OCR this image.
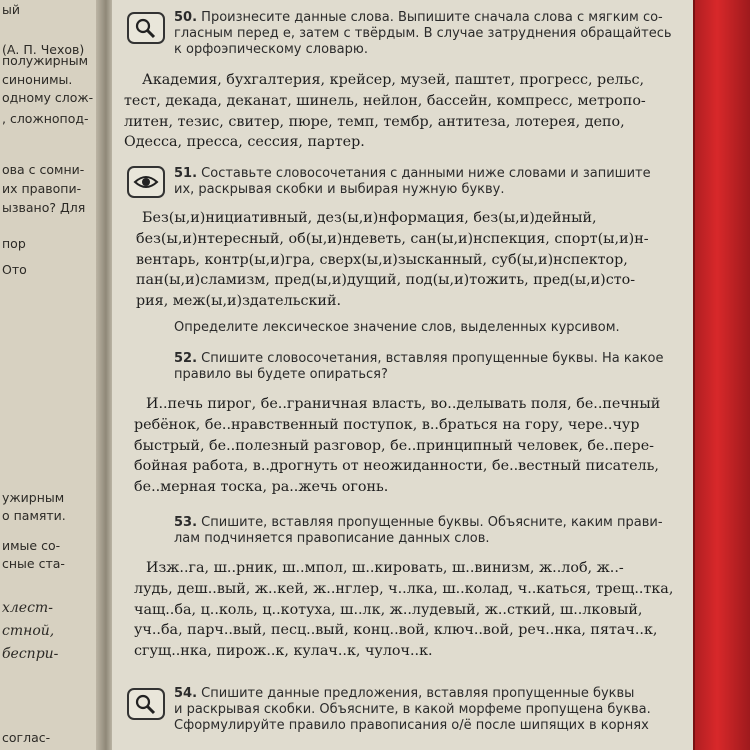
ый
(А. П. Чехов)
полужирным
синонимы.
одному слож-
, сложнопод-
ова с сомни-
их правопи-
ызвано? Для
пор
Ото
ужирным
о памяти.
имые со-
сные ста-
хлест-
стной,
беспри-
соглас-
50. Произнесите данные слова. Выпишите сначала слова с мягким со-
гласным перед е, затем с твёрдым. В случае затруднения обращайтесь
к орфоэпическому словарю.
Академия, бухгалтерия, крейсер, музей, паштет, прогресс, рельс,
тест, декада, деканат, шинель, нейлон, бассейн, компресс, метропо-
литен, тезис, свитер, пюре, темп, тембр, антитеза, лотерея, депо,
Одесса, пресса, сессия, партер.
51. Составьте словосочетания с данными ниже словами и запишите
их, раскрывая скобки и выбирая нужную букву.
Без(ы,и)нициативный, дез(ы,и)нформация, без(ы,и)дейный,
без(ы,и)нтересный, об(ы,и)ндеветь, сан(ы,и)нспекция, спорт(ы,и)н-
вентарь, контр(ы,и)гра, сверх(ы,и)зысканный, суб(ы,и)нспектор,
пан(ы,и)сламизм, пред(ы,и)дущий, под(ы,и)тожить, пред(ы,и)сто-
рия, меж(ы,и)здательский.
Определите лексическое значение слов, выделенных курсивом.
52. Спишите словосочетания, вставляя пропущенные буквы. На какое
правило вы будете опираться?
И..печь пирог, бе..граничная власть, во..делывать поля, бе..печный
ребёнок, бе..нравственный поступок, в..браться на гору, чере..чур
быстрый, бе..полезный разговор, бе..принципный человек, бе..пере-
бойная работа, в..дрогнуть от неожиданности, бе..вестный писатель,
бе..мерная тоска, ра..жечь огонь.
53. Спишите, вставляя пропущенные буквы. Объясните, каким прави-
лам подчиняется правописание данных слов.
Изж..га, ш..рник, ш..мпол, ш..кировать, ш..винизм, ж..лоб, ж..-
лудь, деш..вый, ж..кей, ж..нглер, ч..лка, ш..колад, ч..каться, трещ..тка,
чащ..ба, ц..коль, ц..котуха, ш..лк, ж..лудевый, ж..сткий, ш..лковый,
уч..ба, парч..вый, песц..вый, конц..вой, ключ..вой, реч..нка, пятач..к,
сгущ..нка, пирож..к, кулач..к, чулоч..к.
54. Спишите данные предложения, вставляя пропущенные буквы
и раскрывая скобки. Объясните, в какой морфеме пропущена буква.
Сформулируйте правило правописания о/ё после шипящих в корнях
